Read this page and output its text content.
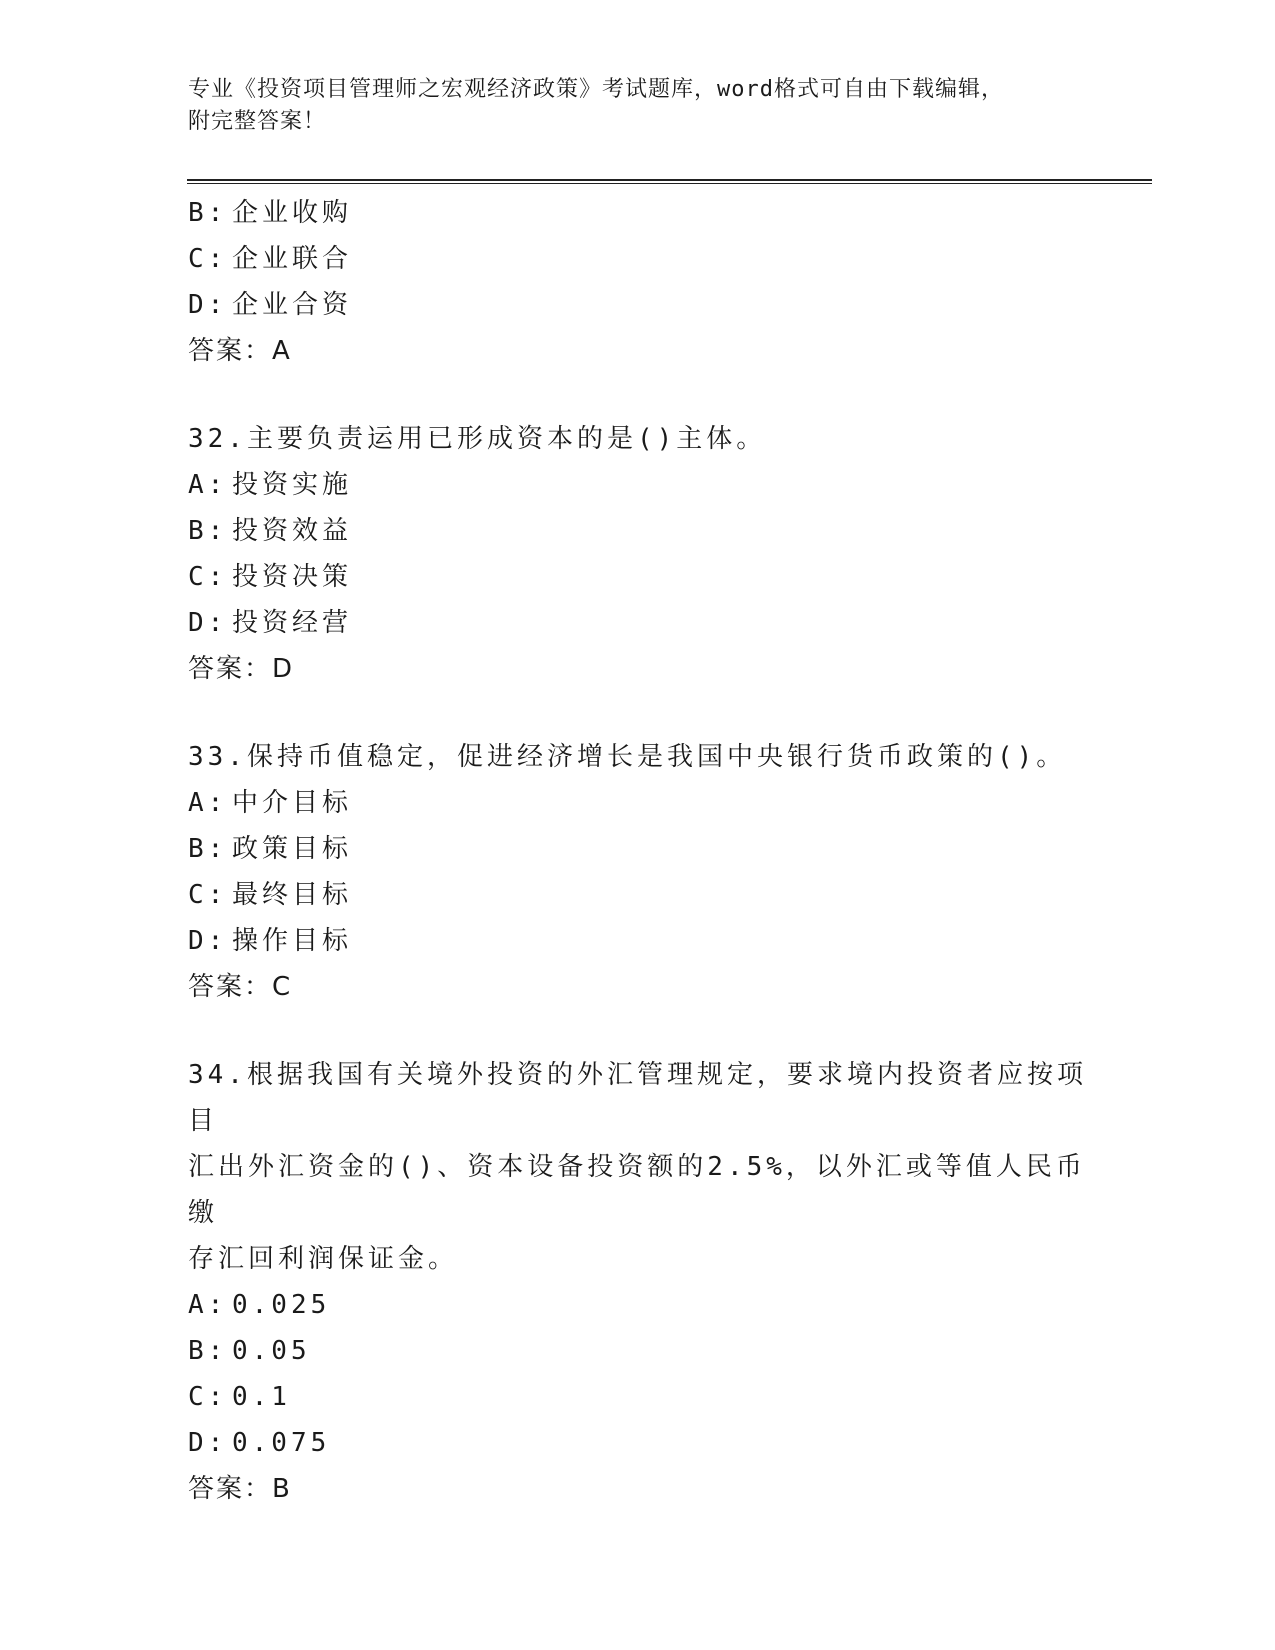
专业《投资项目管理师之宏观经济政策》考试题库，word格式可自由下载编辑，
附完整答案！
B: 企业收购
C: 企业联合
D: 企业合资
答案：A
32.主要负责运用已形成资本的是()主体。
A: 投资实施
B: 投资效益
C: 投资决策
D: 投资经营
答案：D
33.保持币值稳定，促进经济增长是我国中央银行货币政策的()。
A: 中介目标
B: 政策目标
C: 最终目标
D: 操作目标
答案：C
34.根据我国有关境外投资的外汇管理规定，要求境内投资者应按项目
汇出外汇资金的()、资本设备投资额的2.5%，以外汇或等值人民币缴
存汇回利润保证金。
A: 0.025
B: 0.05
C: 0.1
D: 0.075
答案：B
